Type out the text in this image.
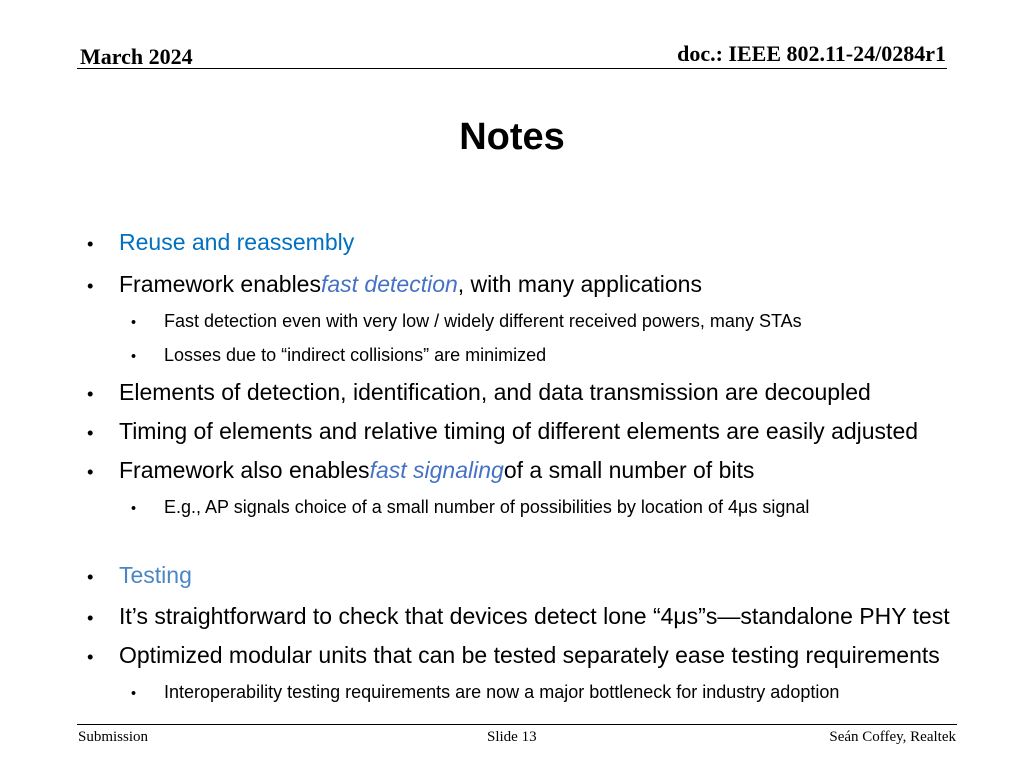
March 2024	doc.: IEEE 802.11-24/0284r1
Notes
•	Reuse and reassembly
•	Framework enables fast detection , with many applications
•	Fast detection even with very low / widely different received powers, many STAs
•	Losses due to “indirect collisions” are minimized
•	Elements of detection, identification, and data transmission are decoupled
•	Timing of elements and relative timing of different elements are easily adjusted
•	Framework also enables fast signaling of a small number of bits
•	E.g., AP signals choice of a small number of possibilities by location of 4μs signal
•	Testing
•	It’s straightforward to check that devices detect lone “4μs”s—standalone PHY test
•	Optimized modular units that can be tested separately ease testing requirements
•	Interoperability testing requirements are now a major bottleneck for industry adoption
Submission	Slide 13	Seán Coffey, Realtek
